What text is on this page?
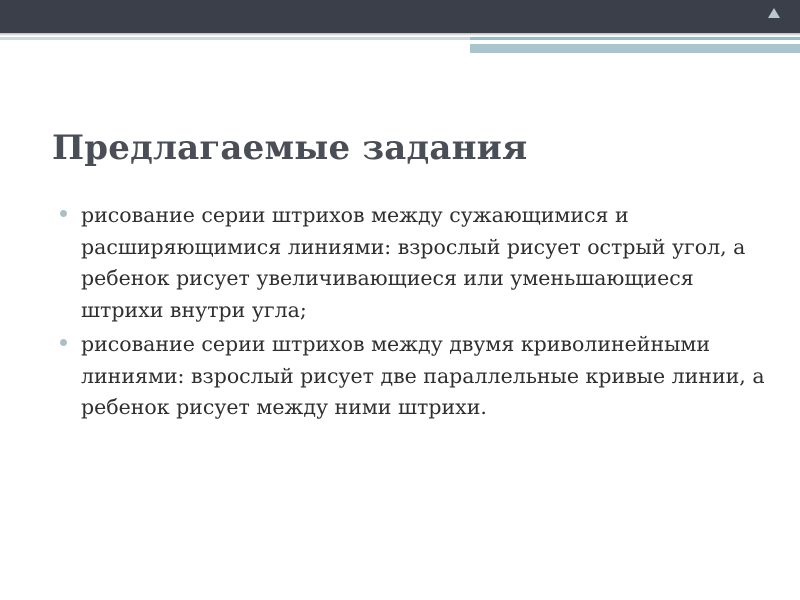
Предлагаемые задания
рисование серии штрихов между сужающимися и расширяющимися линиями: взрослый рисует острый угол, а ребенок рисует увеличивающиеся или уменьшающиеся штрихи внутри угла;
рисование серии штрихов между двумя криволинейными линиями: взрослый рисует две параллельные кривые линии, а ребенок рисует между ними штрихи.
